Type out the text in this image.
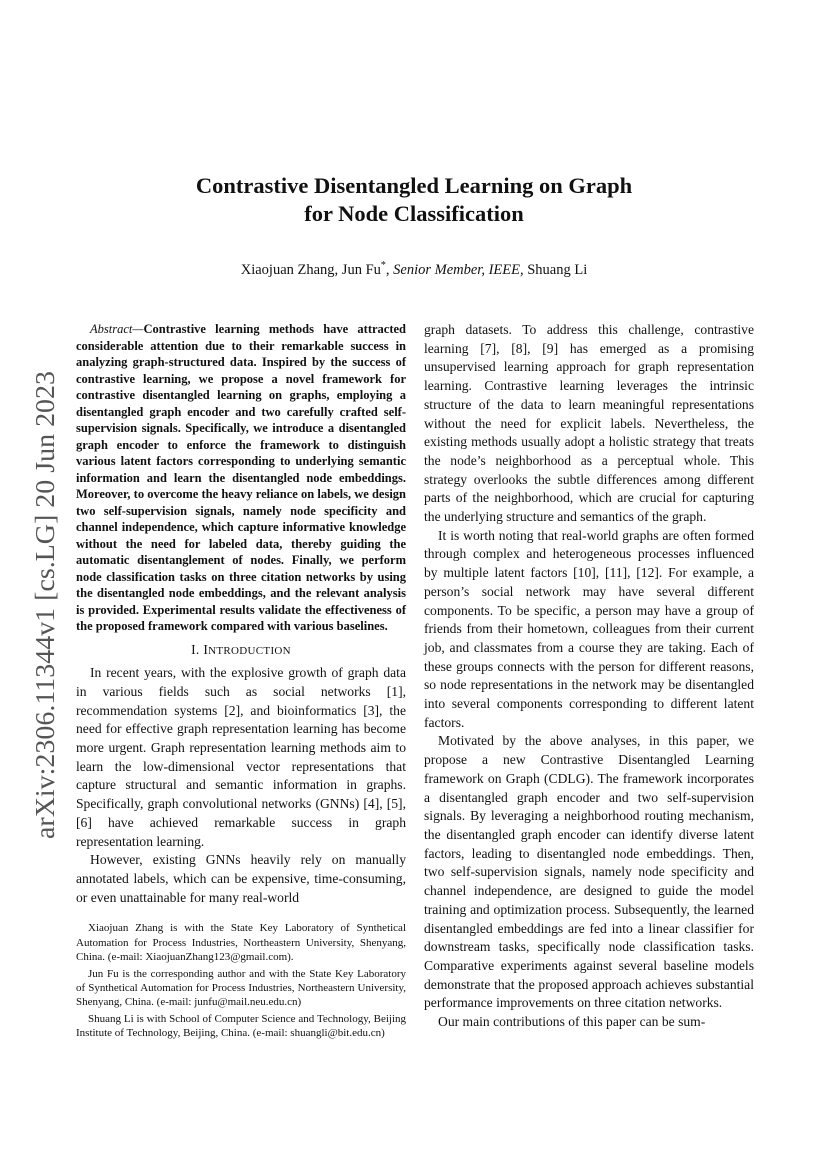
arXiv:2306.11344v1 [cs.LG] 20 Jun 2023
Contrastive Disentangled Learning on Graph
for Node Classification
Xiaojuan Zhang, Jun Fu*, Senior Member, IEEE, Shuang Li

Abstract—Contrastive learning methods have attracted considerable attention due to their remarkable success in analyzing graph-structured data. Inspired by the success of contrastive learning, we propose a novel framework for contrastive disentangled learning on graphs, employing a disentangled graph encoder and two carefully crafted self-supervision signals. Specifically, we introduce a disentangled graph encoder to enforce the framework to distinguish various latent factors corresponding to underlying semantic information and learn the disentangled node embeddings. Moreover, to overcome the heavy reliance on labels, we design two self-supervision signals, namely node specificity and channel independence, which capture informative knowledge without the need for labeled data, thereby guiding the automatic disentanglement of nodes. Finally, we perform node classification tasks on three citation networks by using the disentangled node embeddings, and the relevant analysis is provided. Experimental results validate the effectiveness of the proposed framework compared with various baselines.

I. INTRODUCTION

In recent years, with the explosive growth of graph data in various fields such as social networks [1], recommendation systems [2], and bioinformatics [3], the need for effective graph representation learning has become more urgent. Graph representation learning methods aim to learn the low-dimensional vector representations that capture structural and semantic information in graphs. Specifically, graph convolutional networks (GNNs) [4], [5], [6] have achieved remarkable success in graph representation learning.

However, existing GNNs heavily rely on manually annotated labels, which can be expensive, time-consuming, or even unattainable for many real-world

Xiaojuan Zhang is with the State Key Laboratory of Synthetical Automation for Process Industries, Northeastern University, Shenyang, China. (e-mail: XiaojuanZhang123@gmail.com).

Jun Fu is the corresponding author and with the State Key Laboratory of Synthetical Automation for Process Industries, Northeastern University, Shenyang, China. (e-mail: junfu@mail.neu.edu.cn)

Shuang Li is with School of Computer Science and Technology, Beijing Institute of Technology, Beijing, China. (e-mail: shuangli@bit.edu.cn)

graph datasets. To address this challenge, contrastive learning [7], [8], [9] has emerged as a promising unsupervised learning approach for graph representation learning. Contrastive learning leverages the intrinsic structure of the data to learn meaningful representations without the need for explicit labels. Nevertheless, the existing methods usually adopt a holistic strategy that treats the node’s neighborhood as a perceptual whole. This strategy overlooks the subtle differences among different parts of the neighborhood, which are crucial for capturing the underlying structure and semantics of the graph.

It is worth noting that real-world graphs are often formed through complex and heterogeneous processes influenced by multiple latent factors [10], [11], [12]. For example, a person’s social network may have several different components. To be specific, a person may have a group of friends from their hometown, colleagues from their current job, and classmates from a course they are taking. Each of these groups connects with the person for different reasons, so node representations in the network may be disentangled into several components corresponding to different latent factors.

Motivated by the above analyses, in this paper, we propose a new Contrastive Disentangled Learning framework on Graph (CDLG). The framework incorporates a disentangled graph encoder and two self-supervision signals. By leveraging a neighborhood routing mechanism, the disentangled graph encoder can identify diverse latent factors, leading to disentangled node embeddings. Then, two self-supervision signals, namely node specificity and channel independence, are designed to guide the model training and optimization process. Subsequently, the learned disentangled embeddings are fed into a linear classifier for downstream tasks, specifically node classification tasks. Comparative experiments against several baseline models demonstrate that the proposed approach achieves substantial performance improvements on three citation networks.

Our main contributions of this paper can be sum-
